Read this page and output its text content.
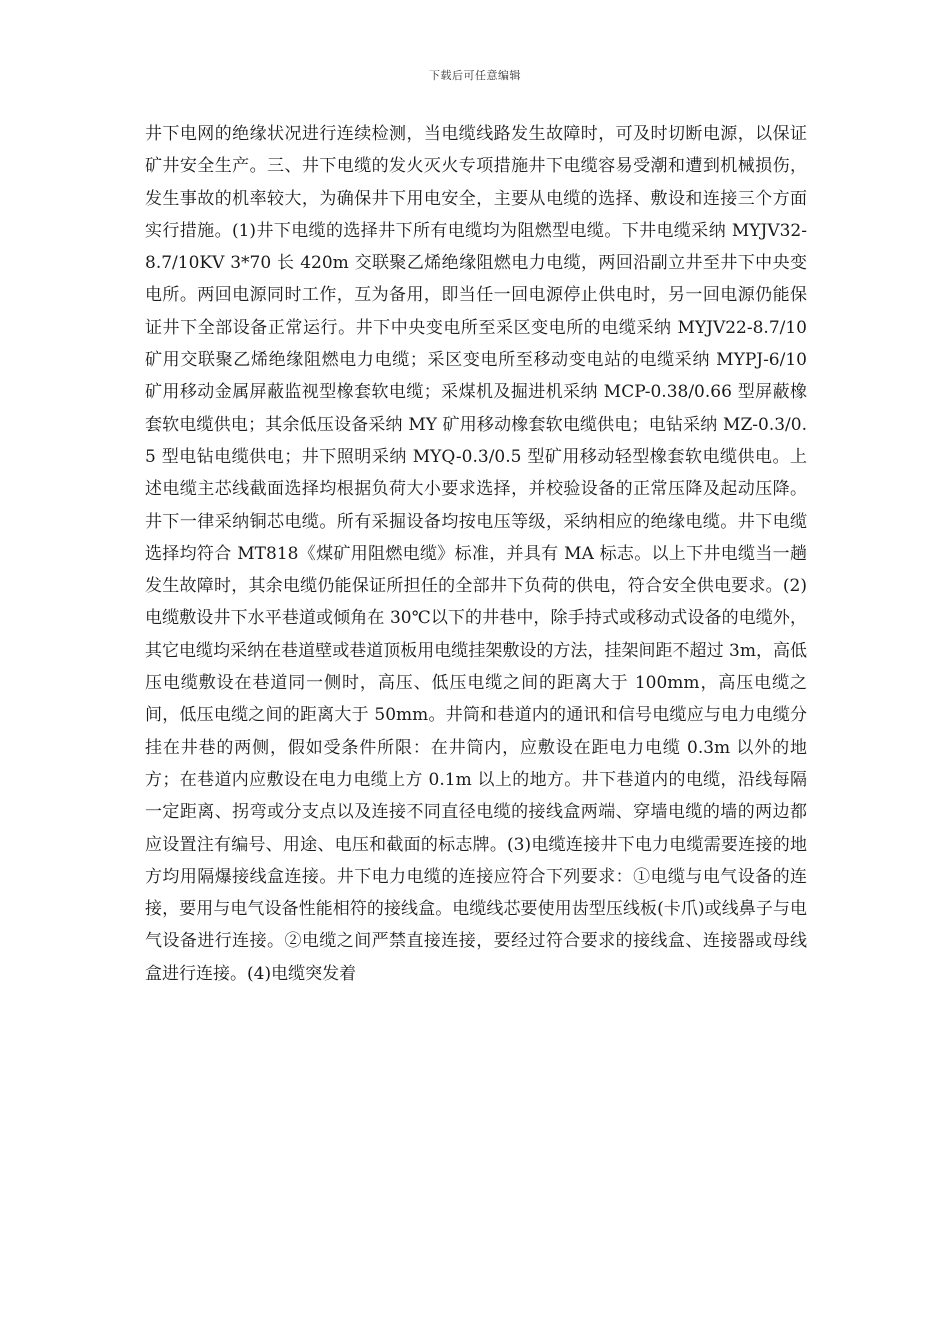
下载后可任意编辑

井下电网的绝缘状况进行连续检测，当电缆线路发生故障时，可及时切断电源，以保证矿井安全生产。三、井下电缆的发火灭火专项措施井下电缆容易受潮和遭到机械损伤，发生事故的机率较大，为确保井下用电安全，主要从电缆的选择、敷设和连接三个方面实行措施。(1)井下电缆的选择井下所有电缆均为阻燃型电缆。下井电缆采纳 MYJV32-8.7/10KV 3*70 长 420m 交联聚乙烯绝缘阻燃电力电缆，两回沿副立井至井下中央变电所。两回电源同时工作，互为备用，即当任一回电源停止供电时，另一回电源仍能保证井下全部设备正常运行。井下中央变电所至采区变电所的电缆采纳 MYJV22-8.7/10 矿用交联聚乙烯绝缘阻燃电力电缆；采区变电所至移动变电站的电缆采纳 MYPJ-6/10 矿用移动金属屏蔽监视型橡套软电缆；采煤机及掘进机采纳 MCP-0.38/0.66 型屏蔽橡套软电缆供电；其余低压设备采纳 MY 矿用移动橡套软电缆供电；电钻采纳 MZ-0.3/0.5 型电钻电缆供电；井下照明采纳 MYQ-0.3/0.5 型矿用移动轻型橡套软电缆供电。上述电缆主芯线截面选择均根据负荷大小要求选择，并校验设备的正常压降及起动压降。井下一律采纳铜芯电缆。所有采掘设备均按电压等级，采纳相应的绝缘电缆。井下电缆选择均符合 MT818《煤矿用阻燃电缆》标准，并具有 MA 标志。以上下井电缆当一趟发生故障时，其余电缆仍能保证所担任的全部井下负荷的供电，符合安全供电要求。(2)电缆敷设井下水平巷道或倾角在 30℃以下的井巷中，除手持式或移动式设备的电缆外，其它电缆均采纳在巷道壁或巷道顶板用电缆挂架敷设的方法，挂架间距不超过 3m，高低压电缆敷设在巷道同一侧时，高压、低压电缆之间的距离大于 100mm，高压电缆之间，低压电缆之间的距离大于 50mm。井筒和巷道内的通讯和信号电缆应与电力电缆分挂在井巷的两侧，假如受条件所限：在井筒内，应敷设在距电力电缆 0.3m 以外的地方；在巷道内应敷设在电力电缆上方 0.1m 以上的地方。井下巷道内的电缆，沿线每隔一定距离、拐弯或分支点以及连接不同直径电缆的接线盒两端、穿墙电缆的墙的两边都应设置注有编号、用途、电压和截面的标志牌。(3)电缆连接井下电力电缆需要连接的地方均用隔爆接线盒连接。井下电力电缆的连接应符合下列要求：①电缆与电气设备的连接，要用与电气设备性能相符的接线盒。电缆线芯要使用齿型压线板(卡爪)或线鼻子与电气设备进行连接。②电缆之间严禁直接连接，要经过符合要求的接线盒、连接器或母线盒进行连接。(4)电缆突发着
